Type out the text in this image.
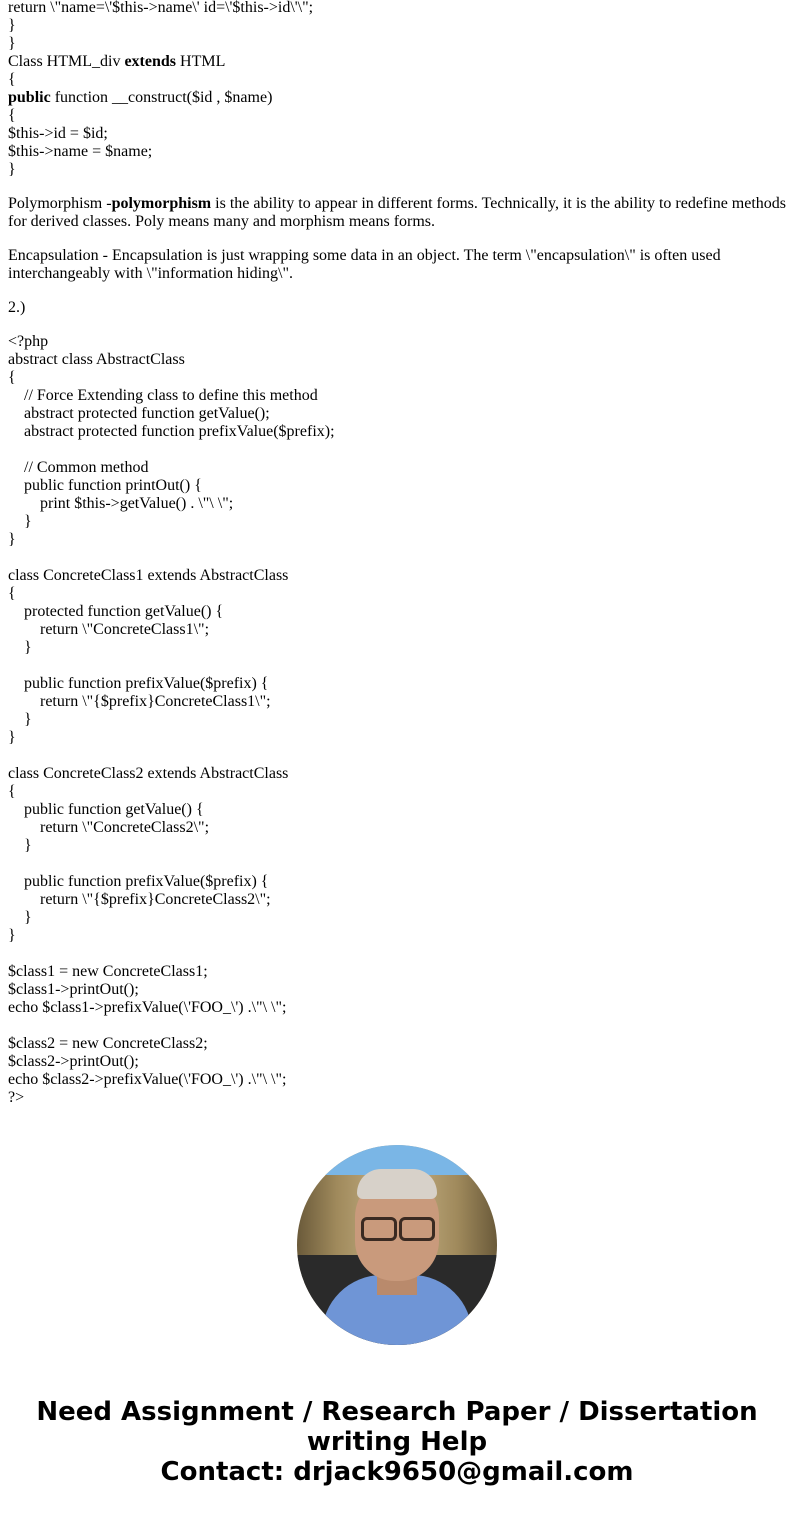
return \"name=\'$this->name\' id=\'$this->id\'\";
}
}
Class HTML_div extends HTML
{
public function __construct($id , $name)
{
$this->id = $id;
$this->name = $name;
}

Polymorphism -polymorphism is the ability to appear in different forms. Technically, it is the ability to redefine methods for derived classes. Poly means many and morphism means forms.

Encapsulation - Encapsulation is just wrapping some data in an object. The term \"encapsulation\" is often used interchangeably with \"information hiding\".

2.)

<?php
abstract class AbstractClass
{
// Force Extending class to define this method
abstract protected function getValue();
abstract protected function prefixValue($prefix);
// Common method
public function printOut() {
print $this->getValue() . \"\ \";
}
}
class ConcreteClass1 extends AbstractClass
{
protected function getValue() {
return \"ConcreteClass1\";
}
public function prefixValue($prefix) {
return \"{$prefix}ConcreteClass1\";
}
}
class ConcreteClass2 extends AbstractClass
{
public function getValue() {
return \"ConcreteClass2\";
}
public function prefixValue($prefix) {
return \"{$prefix}ConcreteClass2\";
}
}
$class1 = new ConcreteClass1;
$class1->printOut();
echo $class1->prefixValue(\'FOO_\') .\"\ \";
$class2 = new ConcreteClass2;
$class2->printOut();
echo $class2->prefixValue(\'FOO_\') .\"\ \";
?>
Need Assignment / Research Paper / Dissertation writing Help
Contact: drjack9650@gmail.com
